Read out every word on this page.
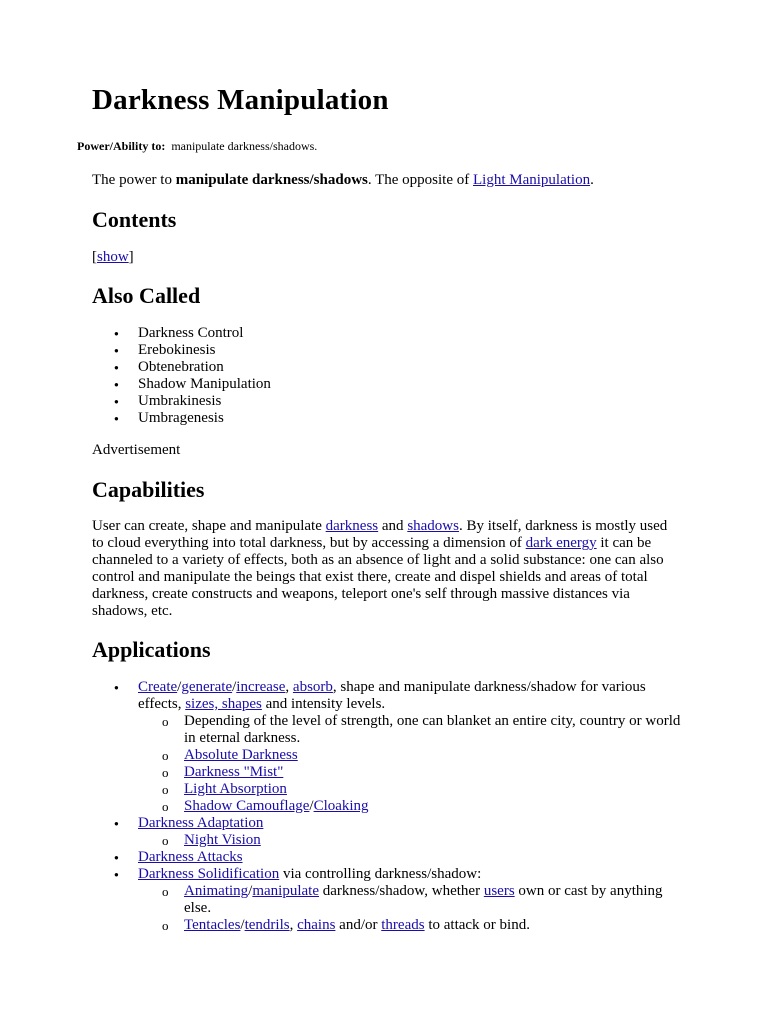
Darkness Manipulation
Power/Ability to: manipulate darkness/shadows.
The power to manipulate darkness/shadows. The opposite of Light Manipulation.
Contents
[show]
Also Called
● Darkness Control
● Erebokinesis
● Obtenebration
● Shadow Manipulation
● Umbrakinesis
● Umbragenesis
Advertisement
Capabilities

User can create, shape and manipulate darkness and shadows. By itself, darkness is mostly used to cloud everything into total darkness, but by accessing a dimension of dark energy it can be channeled to a variety of effects, both as an absence of light and a solid substance: one can also control and manipulate the beings that exist there, create and dispel shields and areas of total darkness, create constructs and weapons, teleport one's self through massive distances via shadows, etc.

Applications
● Create/generate/increase, absorb, shape and manipulate darkness/shadow for various effects, sizes, shapes and intensity levels.
o Depending of the level of strength, one can blanket an entire city, country or world in eternal darkness.
o Absolute Darkness
o Darkness "Mist"
o Light Absorption
o Shadow Camouflage/Cloaking
● Darkness Adaptation
o Night Vision
● Darkness Attacks
● Darkness Solidification via controlling darkness/shadow:
o Animating/manipulate darkness/shadow, whether users own or cast by anything else.
o Tentacles/tendrils, chains and/or threads to attack or bind.
